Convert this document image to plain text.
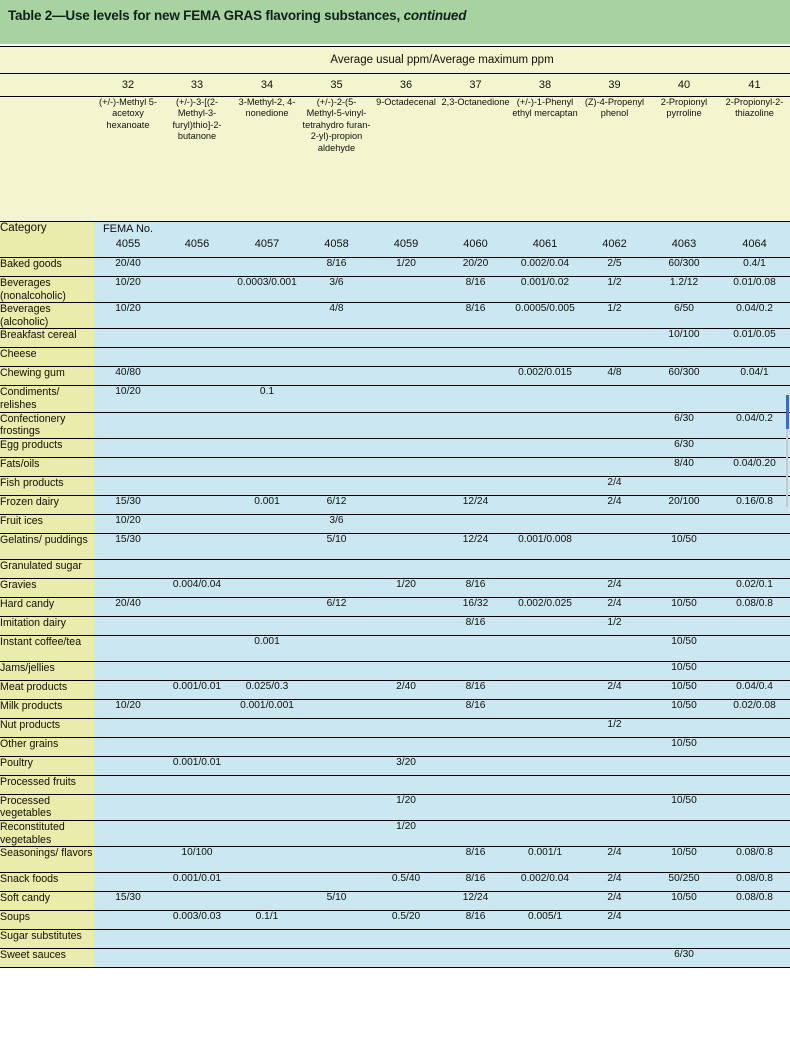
Table 2—Use levels for new FEMA GRAS flavoring substances, continued
	Average usual ppm/Average maximum ppm									
	32	33	34	35	36	37	38	39	40	41
	(+/-)-Methyl 5-acetoxy hexanoate	(+/-)-3-[(2-Methyl-3-furyl)thio]-2-butanone	3-Methyl-2, 4-nonedione	(+/-)-2-(5-Methyl-5-vinyl-tetrahydro furan-2-yl)-propion aldehyde	9-Octadecenal	2,3-Octanedione	(+/-)-1-Phenyl ethyl mercaptan	(Z)-4-Propenyl phenol	2-Propionyl pyrroline	2-Propionyl-2-thiazoline
Category	FEMA No.
4055	4056	4057	4058	4059	4060	4061	4062	4063	4064
Baked goods	20/40			8/16	1/20	20/20	0.002/0.04	2/5	60/300	0.4/1
Beverages (nonalcoholic)	10/20		0.0003/0.001	3/6		8/16	0.001/0.02	1/2	1.2/12	0.01/0.08
Beverages (alcoholic)	10/20			4/8		8/16	0.0005/0.005	1/2	6/50	0.04/0.2
Breakfast cereal									10/100	0.01/0.05
Cheese										
Chewing gum	40/80						0.002/0.015	4/8	60/300	0.04/1
Condiments/ relishes	10/20		0.1							
Confectionery frostings									6/30	0.04/0.2
Egg products									6/30	
Fats/oils									8/40	0.04/0.20
Fish products								2/4		
Frozen dairy	15/30		0.001	6/12		12/24		2/4	20/100	0.16/0.8
Fruit ices	10/20			3/6						
Gelatins/ puddings	15/30			5/10		12/24	0.001/0.008		10/50	
Granulated sugar										
Gravies		0.004/0.04			1/20	8/16		2/4		0.02/0.1
Hard candy	20/40			6/12		16/32	0.002/0.025	2/4	10/50	0.08/0.8
Imitation dairy						8/16		1/2		
Instant coffee/tea			0.001						10/50	
Jams/jellies									10/50	
Meat products		0.001/0.01	0.025/0.3		2/40	8/16		2/4	10/50	0.04/0.4
Milk products	10/20		0.001/0.001			8/16			10/50	0.02/0.08
Nut products								1/2		
Other grains									10/50	
Poultry		0.001/0.01			3/20					
Processed fruits										
Processed vegetables					1/20				10/50	
Reconstituted vegetables					1/20					
Seasonings/ flavors		10/100				8/16	0.001/1	2/4	10/50	0.08/0.8
Snack foods		0.001/0.01			0.5/40	8/16	0.002/0.04	2/4	50/250	0.08/0.8
Soft candy	15/30			5/10		12/24		2/4	10/50	0.08/0.8
Soups		0.003/0.03	0.1/1		0.5/20	8/16	0.005/1	2/4		
Sugar substitutes										
Sweet sauces									6/30	
